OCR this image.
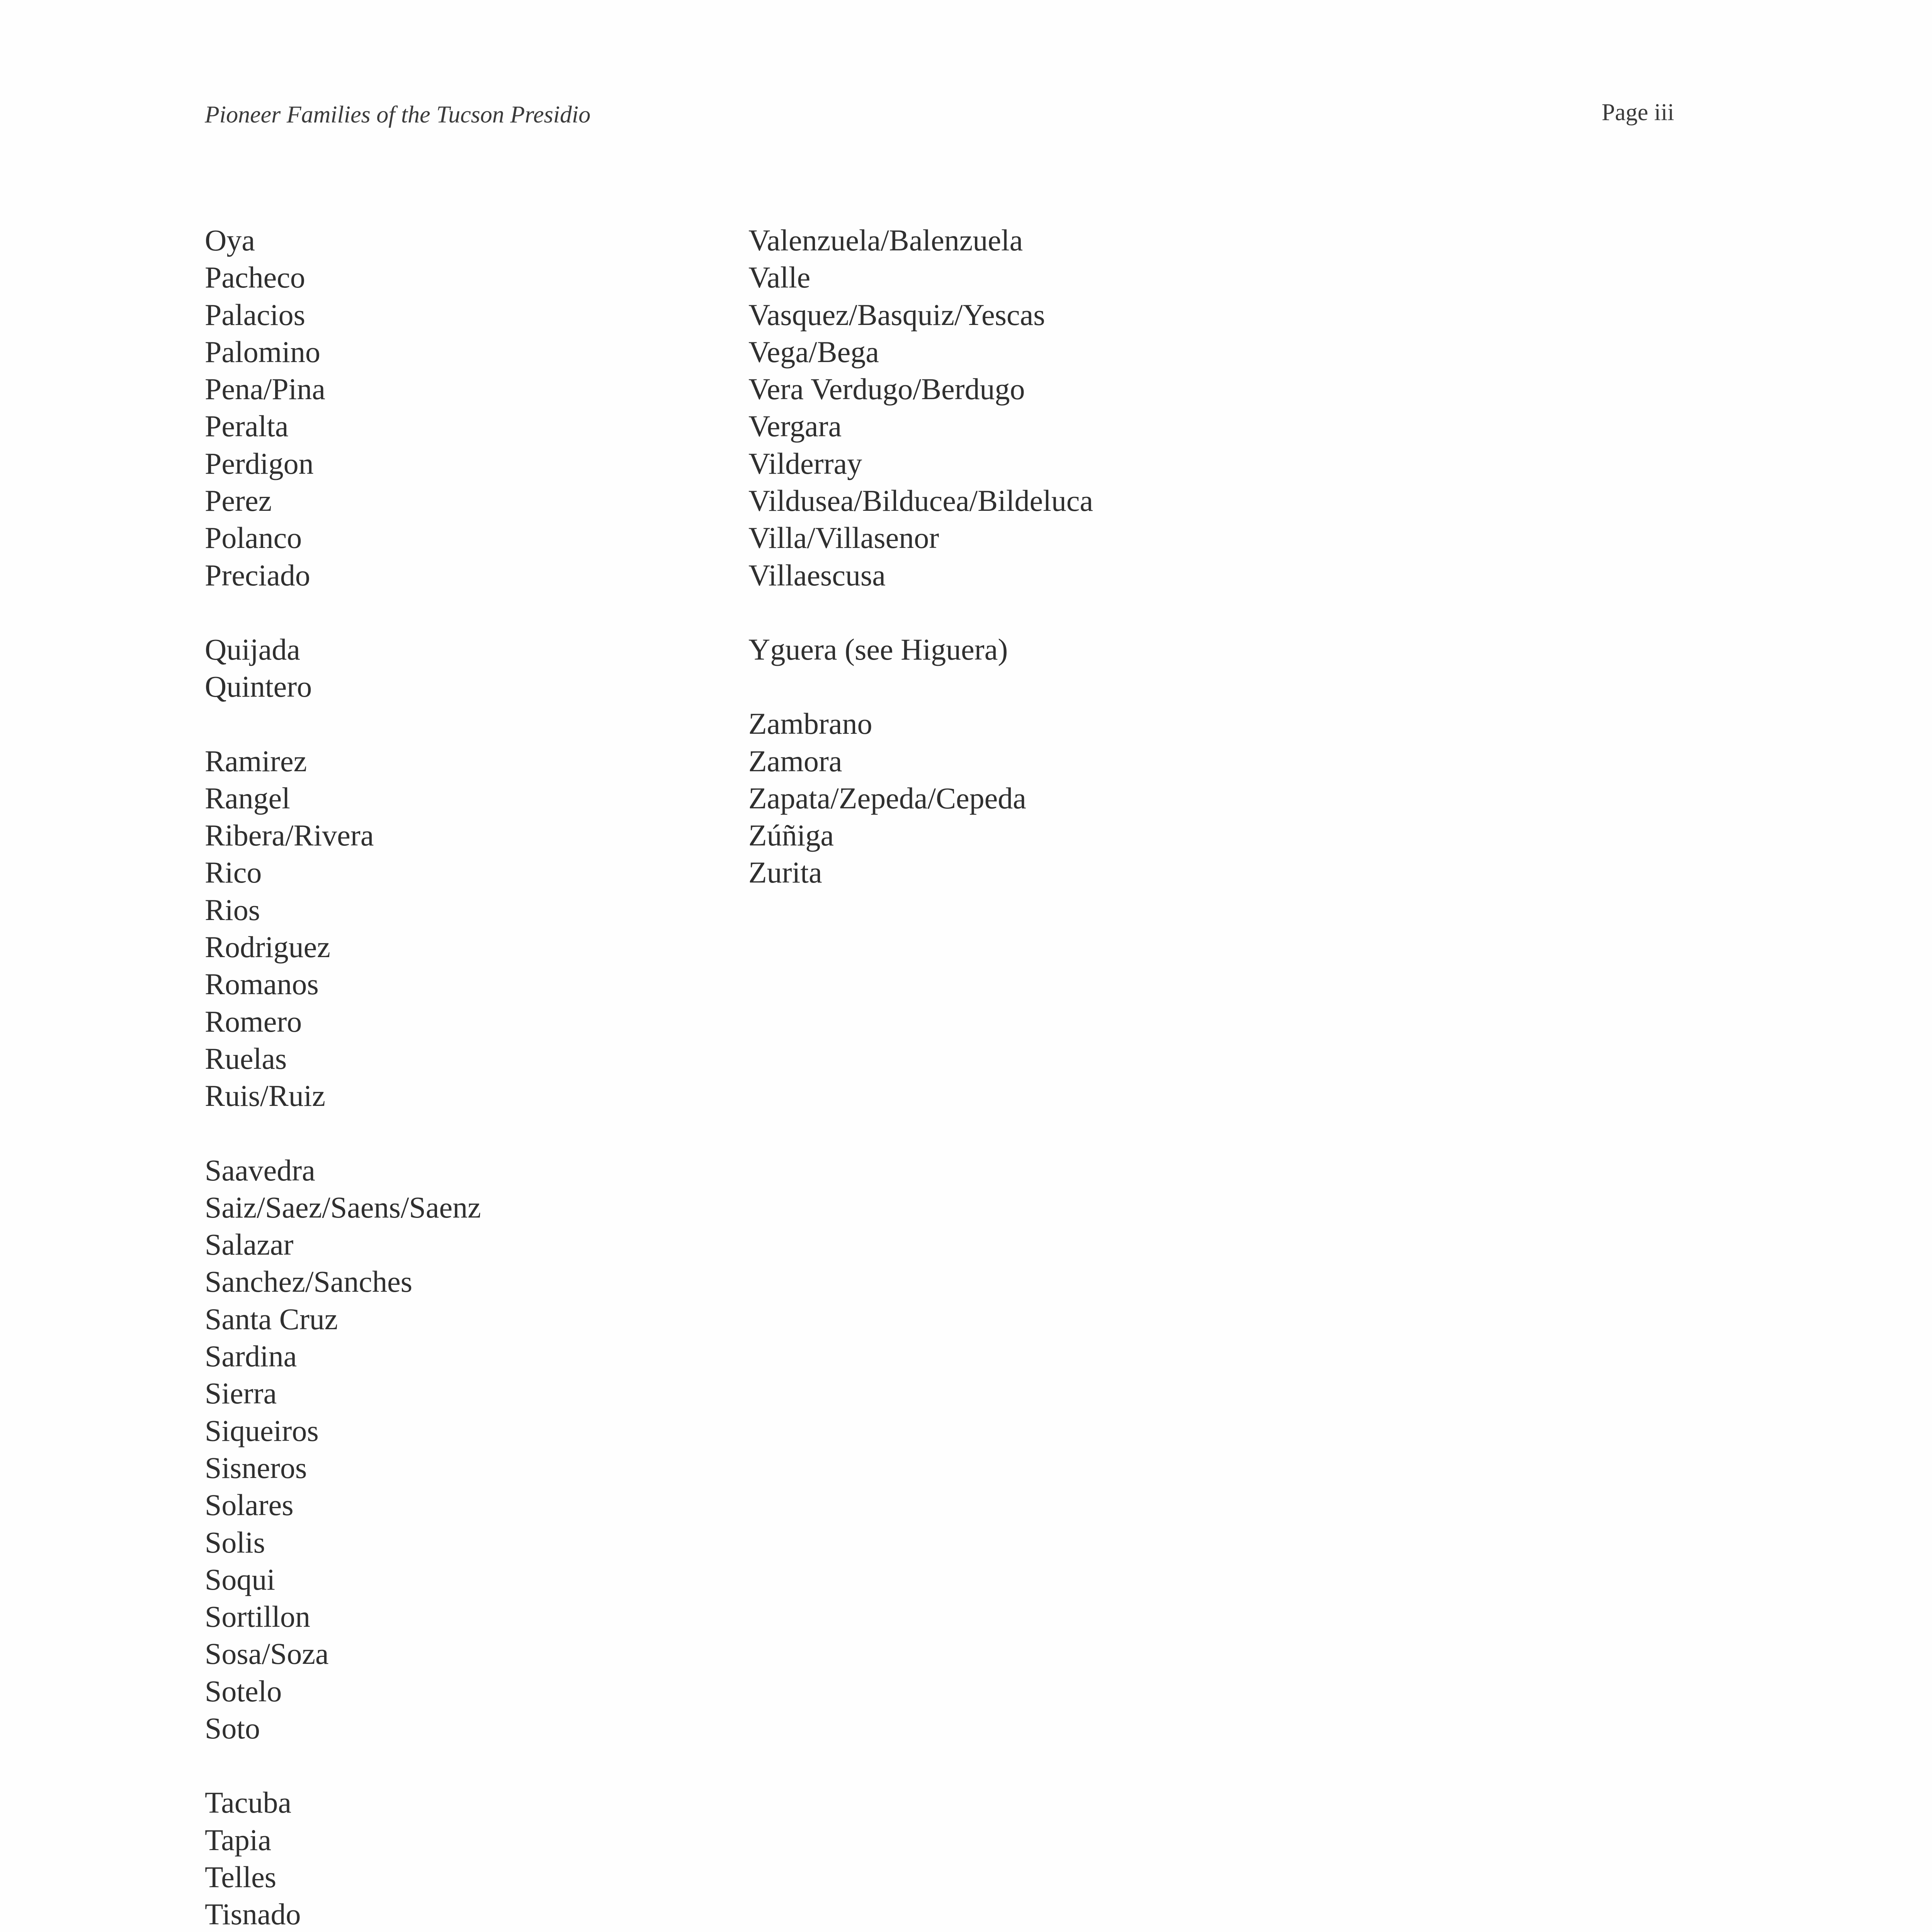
Pioneer Families of the Tucson Presidio	Page iii
Oya
Pacheco
Palacios
Palomino
Pena/Pina
Peralta
Perdigon
Perez
Polanco
Preciado
Quijada
Quintero
Ramirez
Rangel
Ribera/Rivera
Rico
Rios
Rodriguez
Romanos
Romero
Ruelas
Ruis/Ruiz
Saavedra
Saiz/Saez/Saens/Saenz
Salazar
Sanchez/Sanches
Santa Cruz
Sardina
Sierra
Siqueiros
Sisneros
Solares
Solis
Soqui
Sortillon
Sosa/Soza
Sotelo
Soto
Tacuba
Tapia
Telles
Tisnado
Valenzuela/Balenzuela
Valle
Vasquez/Basquiz/Yescas
Vega/Bega
Vera Verdugo/Berdugo
Vergara
Vilderray
Vildusea/Bilducea/Bildeluca
Villa/Villasenor
Villaescusa
Yguera (see Higuera)
Zambrano
Zamora
Zapata/Zepeda/Cepeda
Zúñiga
Zurita
